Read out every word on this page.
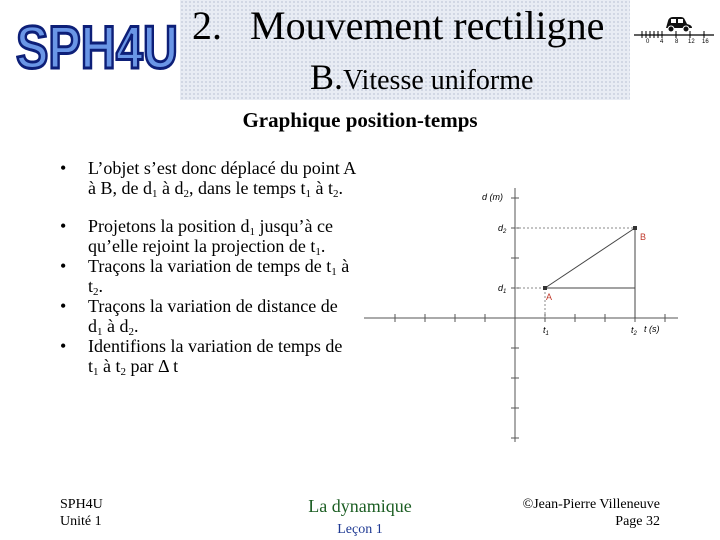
SPH4U 2. Mouvement rectiligne
B.Vitesse uniforme
0 4 8 12 16
Graphique position-temps
• L’objet s’est donc déplacé du point A à B, de $d_1$ à $d_2$, dans le temps $t_1$ à $t_2$.
• Projetons la position $d_1$ jusqu’à ce qu’elle rejoint la projection de $t_1$.
• Traçons la variation de temps de $t_1$ à $t_2$.
• Traçons la variation de distance de $d_1$ à $d_2$.
• Identifions la variation de temps de $t_1$ à $t_2$ par Δ t
A
B
d (m)
t (s)
$d_2$
$d_1$
$t_1$	$t_2$
SPH4U
Unité 1
La dynamique
Leçon 1
©Jean-Pierre Villeneuve
Page 32
